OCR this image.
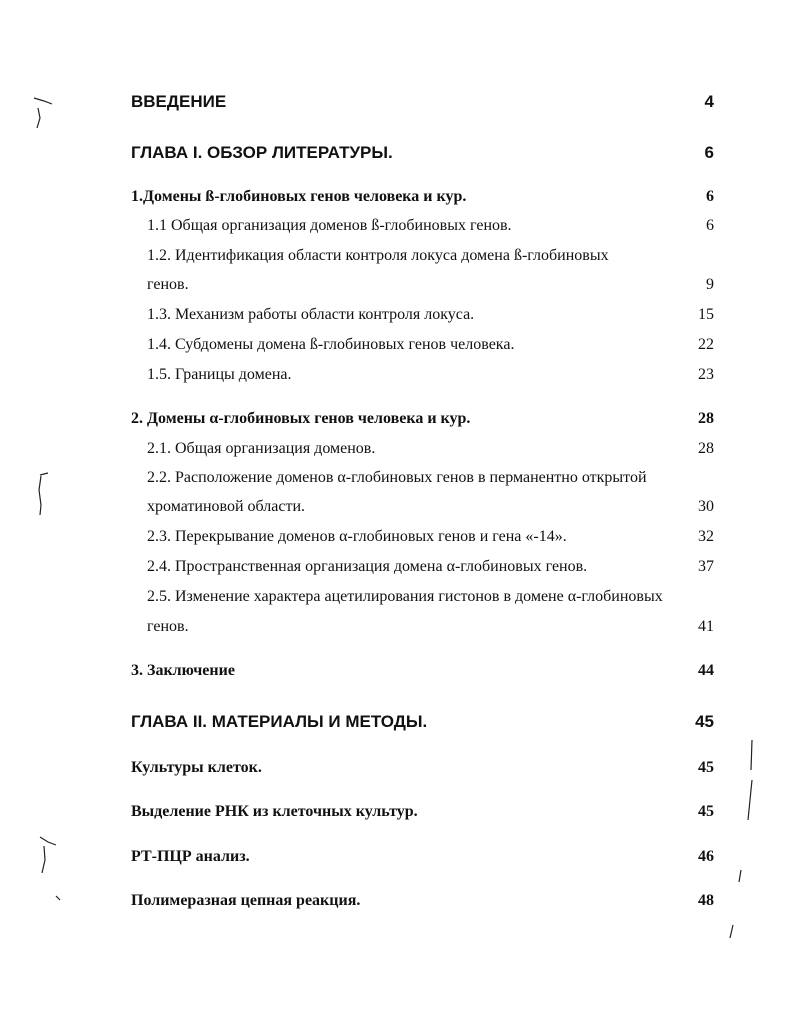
ВВЕДЕНИЕ	4
ГЛАВА I. ОБЗОР ЛИТЕРАТУРЫ.	6
1.Домены ß-глобиновых генов человека и кур.	6
1.1 Общая организация доменов ß-глобиновых генов.	6
1.2. Идентификация области контроля локуса домена ß-глобиновых
генов.	9
1.3. Механизм работы области контроля локуса.	15
1.4. Субдомены домена ß-глобиновых генов человека.	22
1.5. Границы домена.	23
2. Домены α-глобиновых генов человека и кур.	28
2.1. Общая организация доменов.	28
2.2. Расположение доменов α-глобиновых генов в перманентно открытой
хроматиновой области.	30
2.3. Перекрывание доменов α-глобиновых генов и гена «-14».	32
2.4. Пространственная организация домена α-глобиновых генов.	37
2.5. Изменение характера ацетилирования гистонов в домене α-глобиновых
генов.	41
3. Заключение	44
ГЛАВА II. МАТЕРИАЛЫ И МЕТОДЫ.	45
Культуры клеток.	45
Выделение РНК из клеточных культур.	45
РТ-ПЦР анализ.	46
Полимеразная цепная реакция.	48
